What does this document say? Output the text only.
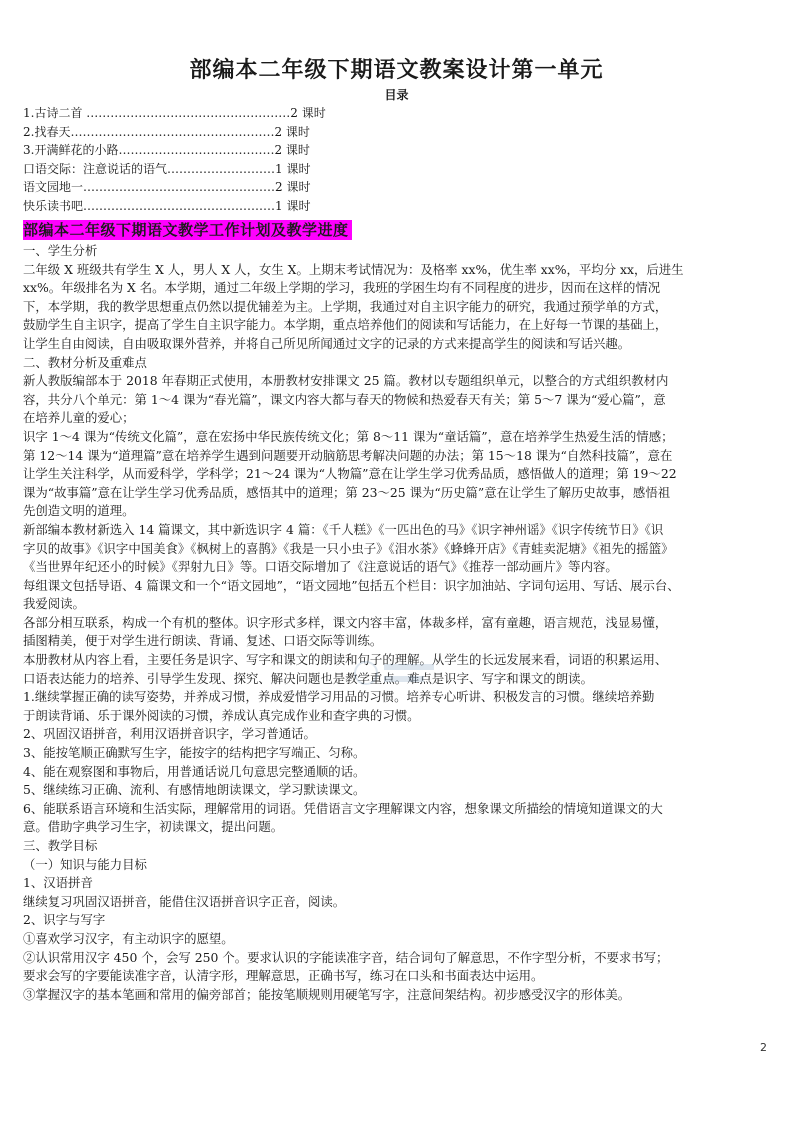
部编本二年级下期语文教案设计第一单元
目录
1.古诗二首 ……………………………………………2 课时
2.找春天……………………………………………2 课时
3.开满鲜花的小路…………………………………2 课时
口语交际：注意说话的语气………………………1 课时
语文园地一…………………………………………2 课时
快乐读书吧…………………………………………1 课时
部编本二年级下期语文教学工作计划及教学进度
一、学生分析
二年级 X 班级共有学生 X 人，男人 X 人，女生 X。上期末考试情况为：及格率 xx%，优生率 xx%，平均分 xx，后进生
xx%。年级排名为 X 名。本学期，通过二年级上学期的学习，我班的学困生均有不同程度的进步，因而在这样的情况
下，本学期，我的教学思想重点仍然以提优辅差为主。上学期，我通过对自主识字能力的研究，我通过预学单的方式，
鼓励学生自主识字，提高了学生自主识字能力。本学期，重点培养他们的阅读和写话能力，在上好每一节课的基础上，
让学生自由阅读，自由吸取课外营养，并将自己所见所闻通过文字的记录的方式来提高学生的阅读和写话兴趣。
二、教材分析及重难点
新人教版编部本于 2018 年春期正式使用，本册教材安排课文 25 篇。教材以专题组织单元，以整合的方式组织教材内
容，共分八个单元：第 1～4 课为“春光篇”，课文内容大都与春天的物候和热爱春天有关；第 5～7 课为“爱心篇”，意
在培养儿童的爱心；
识字 1～4 课为“传统文化篇”，意在宏扬中华民族传统文化；第 8～11 课为“童话篇”，意在培养学生热爱生活的情感；
第 12～14 课为“道理篇”意在培养学生遇到问题要开动脑筋思考解决问题的办法；第 15～18 课为“自然科技篇”，意在
让学生关注科学，从而爱科学，学科学；21～24 课为“人物篇”意在让学生学习优秀品质，感悟做人的道理；第 19～22
课为“故事篇”意在让学生学习优秀品质，感悟其中的道理；第 23～25 课为“历史篇”意在让学生了解历史故事，感悟祖
先创造文明的道理。
新部编本教材新选入 14 篇课文，其中新选识字 4 篇：《千人糕》《一匹出色的马》《识字神州谣》《识字传统节日》《识
字贝的故事》《识字中国美食》《枫树上的喜鹊》《我是一只小虫子》《泪水茶》《蜂蜂开店》《青蛙卖泥塘》《祖先的摇篮》
《当世界年纪还小的时候》《羿射九日》等。口语交际增加了《注意说话的语气》《推荐一部动画片》等内容。
每组课文包括导语、4 篇课文和一个“语文园地”，“语文园地”包括五个栏目：识字加油站、字词句运用、写话、展示台、
我爱阅读。
各部分相互联系，构成一个有机的整体。识字形式多样，课文内容丰富，体裁多样，富有童趣，语言规范，浅显易懂，
插图精美，便于对学生进行朗读、背诵、复述、口语交际等训练。
本册教材从内容上看，主要任务是识字、写字和课文的朗读和句子的理解。从学生的长远发展来看，词语的积累运用、
口语表达能力的培养、引导学生发现、探究、解决问题也是教学重点。难点是识字、写字和课文的朗读。
1.继续掌握正确的读写姿势，并养成习惯，养成爱惜学习用品的习惯。培养专心听讲、积极发言的习惯。继续培养勤
于朗读背诵、乐于课外阅读的习惯，养成认真完成作业和查字典的习惯。
2、巩固汉语拼音，利用汉语拼音识字，学习普通话。
3、能按笔顺正确默写生字，能按字的结构把字写端正、匀称。
4、能在观察图和事物后，用普通话说几句意思完整通顺的话。
5、继续练习正确、流利、有感情地朗读课文，学习默读课文。
6、能联系语言环境和生活实际，理解常用的词语。凭借语言文字理解课文内容，想象课文所描绘的情境知道课文的大
意。借助字典学习生字，初读课文，提出问题。
三、教学目标
（一）知识与能力目标
1、汉语拼音
继续复习巩固汉语拼音，能借住汉语拼音识字正音，阅读。
2、识字与写字
①喜欢学习汉字，有主动识字的愿望。
②认识常用汉字 450 个，会写 250 个。要求认识的字能读准字音，结合词句了解意思，不作字型分析，不要求书写；
要求会写的字要能读准字音，认清字形，理解意思，正确书写，练习在口头和书面表达中运用。
③掌握汉字的基本笔画和常用的偏旁部首；能按笔顺规则用硬笔写字，注意间架结构。初步感受汉字的形体美。
2
